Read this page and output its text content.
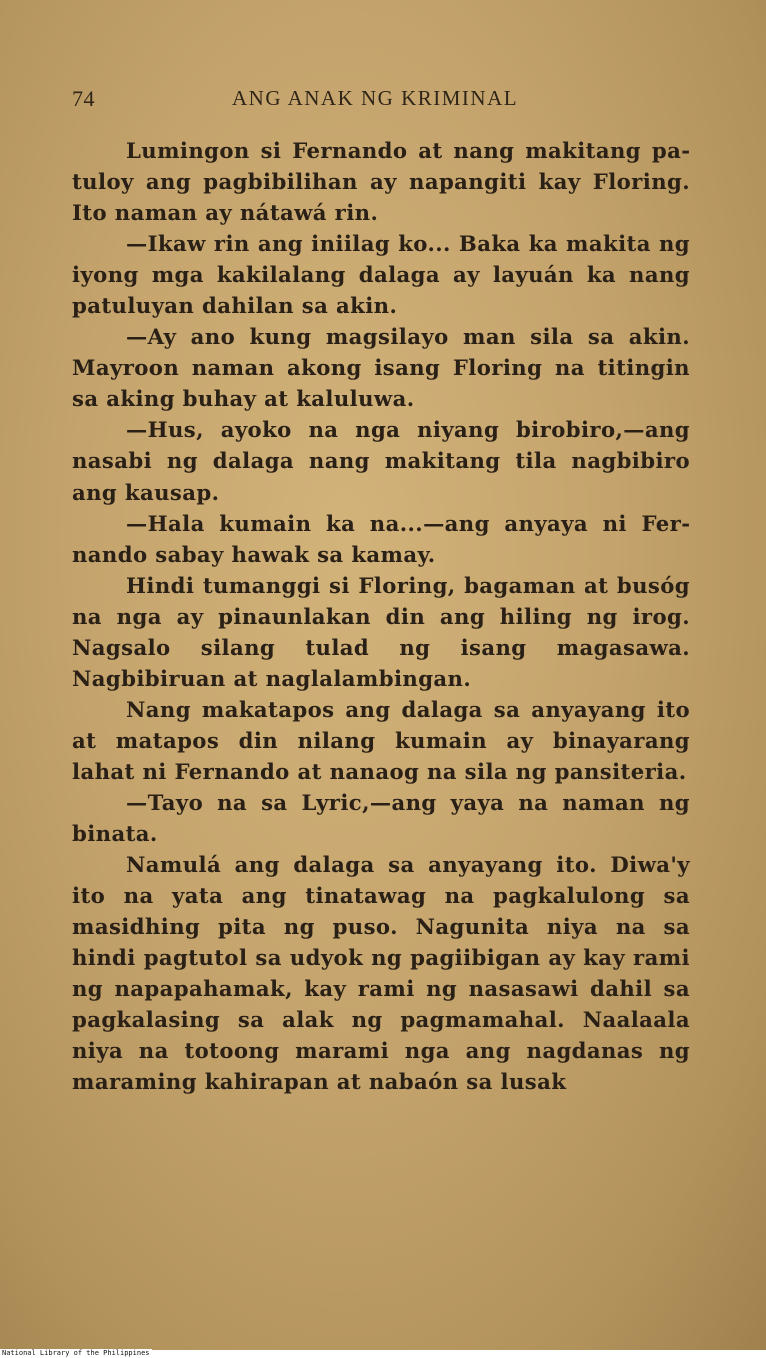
74	ANG ANAK NG KRIMINAL

Lumingon si Fernando at nang makitang patuloy ang pagbibilihan ay napangiti kay Floring. Ito naman ay nátawá rin.

—Ikaw rin ang iniilag ko... Baka ka makita ng iyong mga kakilalang dalaga ay layuán ka nang patuluyan dahilan sa akin.

—Ay ano kung magsilayo man sila sa akin. Mayroon naman akong isang Floring na titingin sa aking buhay at kaluluwa.

—Hus, ayoko na nga niyang birobiro,—ang nasabi ng dalaga nang makitang tila nagbibiro ang kausap.

—Hala kumain ka na...—ang anyaya ni Fernando sabay hawak sa kamay.

Hindi tumanggi si Floring, bagaman at busóg na nga ay pinaunlakan din ang hiling ng irog. Nagsalo silang tulad ng isang magasawa. Nagbibiruan at naglalambingan.

Nang makatapos ang dalaga sa anyayang ito at matapos din nilang kumain ay binayarang lahat ni Fernando at nanaog na sila ng pansiteria.

—Tayo na sa Lyric,—ang yaya na naman ng binata.

Namulá ang dalaga sa anyayang ito. Diwa'y ito na yata ang tinatawag na pagkalulong sa masidhing pita ng puso. Nagunita niya na sa hindi pagtutol sa udyok ng pagiibigan ay kay rami ng napapahamak, kay rami ng nasasawi dahil sa pagkalasing sa alak ng pagmamahal. Naalaala niya na totoong marami nga ang nagdanas ng maraming kahirapan at nabaón sa lusak

National Library of the Philippines
